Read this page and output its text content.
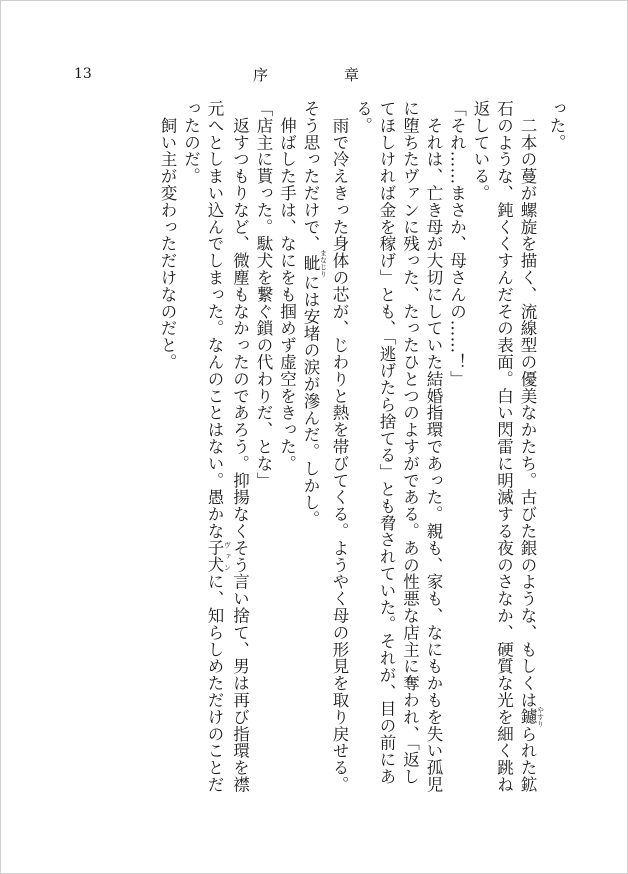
13	序	章

った。

　二本の蔓が螺旋を描く、流線型の優美なかたち。古びた銀のような、もしくは鑢 やすりられた鉱石のような、鈍くくすんだその表面。白い閃雷に明滅する夜のさなか、硬質な光を細く跳ね返している。

「それ……まさか、母さんの……！」

　それは、亡き母が大切にしていた結婚指環であった。親も、家も、なにもかもを失い孤児に堕ちたヴァンに残った、たったひとつのよすがである。あの性悪な店主に奪われ、「返してほしければ金を稼げ」とも、「逃げたら捨てる」とも脅されていた。それが、目の前にある。

　雨で冷えきった身体の芯が、じわりと熱を帯びてくる。ようやく母の形見を取り戻せる。

そう思っただけで、眦 まなじりには安堵の涙が滲んだ。しかし。

　伸ばした手は、なにをも掴めず虚空をきった。

「店主に貰った。駄犬を繋ぐ鎖の代わりだ、とな」

　返すつもりなど、微塵もなかったのであろう。抑揚なくそう言い捨て、男は再び指環を襟元へとしまい込んでしまった。なんのことはない。愚かな子犬 ヴァンに、知らしめただけのことだったのだ。

　飼い主が変わっただけなのだと。
